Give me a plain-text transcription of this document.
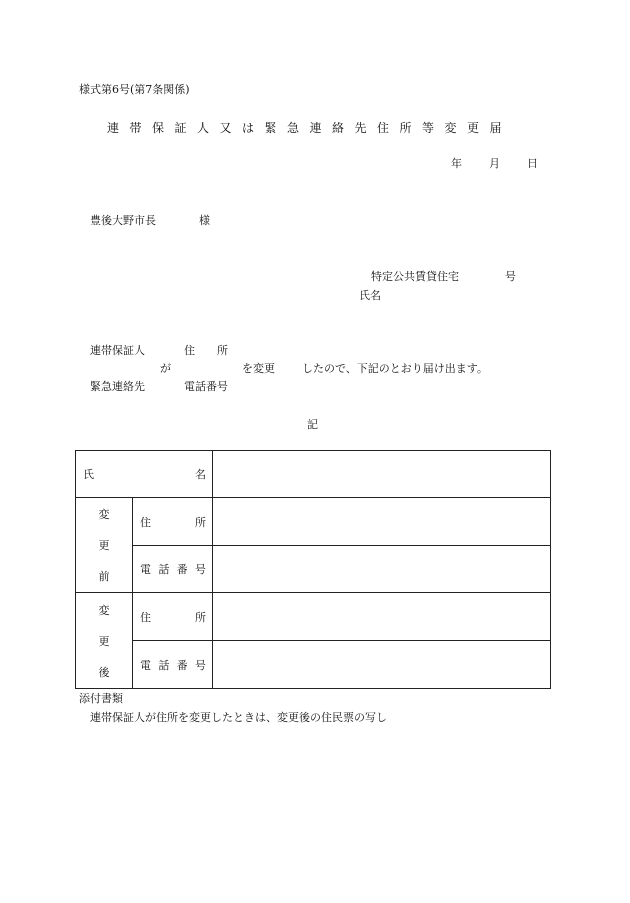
様式第6号(第7条関係)
連帯保証人又は緊急連絡先住所等変更届
年 月 日
豊後大野市長	様
特定公共賃貸住宅	号
氏名
連帯保証人	住　　所
が	を変更 したので、下記のとおり届け出ます。
緊急連絡先	電話番号
記
氏 名		

変
更
前	住 所	

	電 話 番 号	

変
更
後	住 所	

	電 話 番 号	

添付書類
連帯保証人が住所を変更したときは、変更後の住民票の写し
